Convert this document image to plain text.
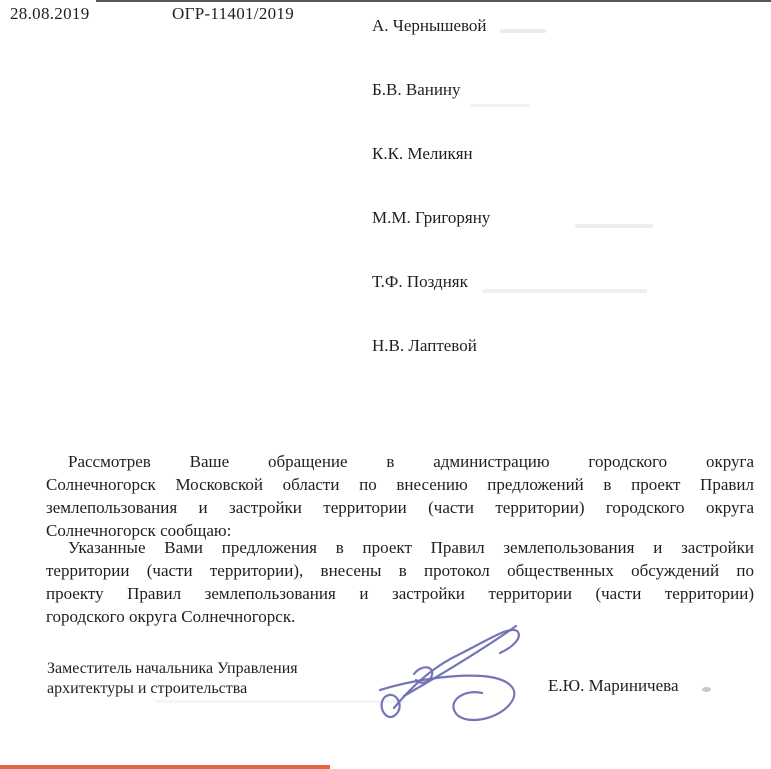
28.08.2019	ОГР-11401/2019
А. Чернышевой
Б.В. Ванину
К.К. Меликян
М.М. Григоряну
Т.Ф. Поздняк
Н.В. Лаптевой
Рассмотрев Ваше обращение в администрацию городского округа
Солнечногорск Московской области по внесению предложений в проект Правил
землепользования и застройки территории (части территории) городского округа
Солнечногорск сообщаю:
Указанные Вами предложения в проект Правил землепользования и застройки
территории (части территории), внесены в протокол общественных обсуждений по
проекту Правил землепользования и застройки территории (части территории)
городского округа Солнечногорск.
Заместитель начальника Управления
архитектуры и строительства	Е.Ю. Мариничева
